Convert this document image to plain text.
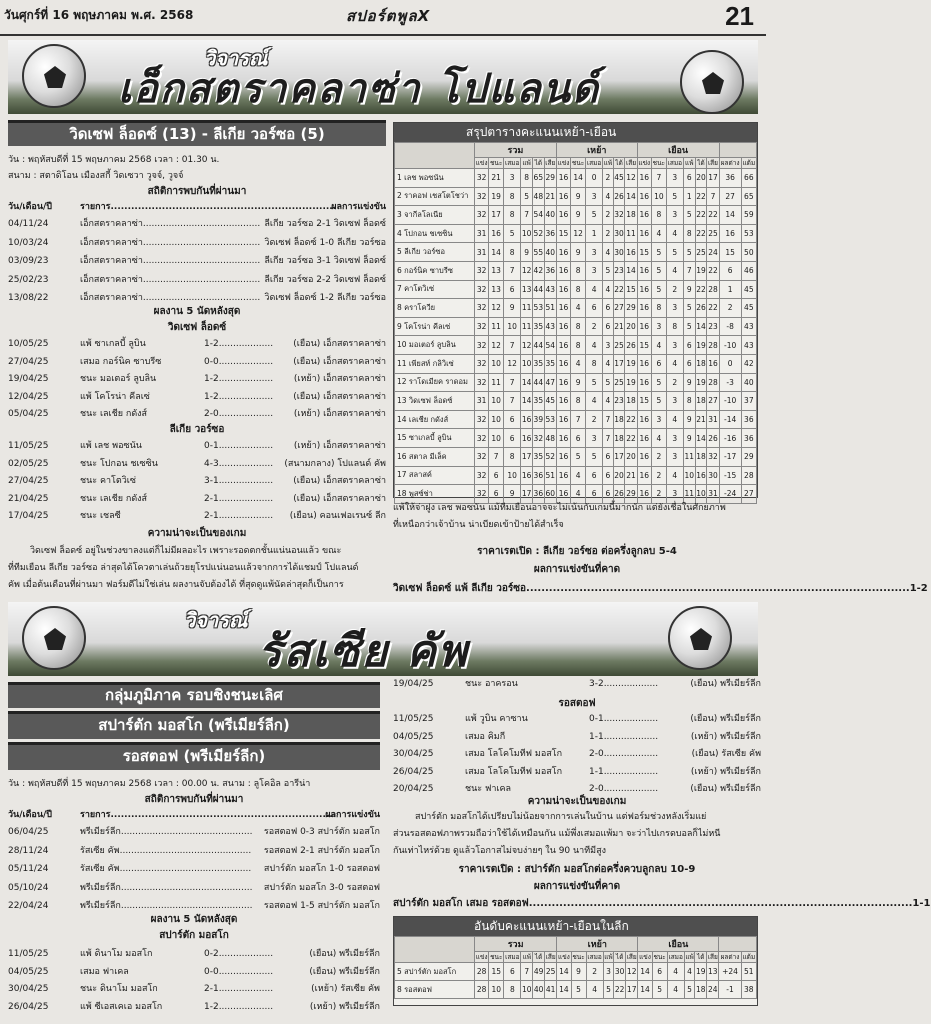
วันศุกร์ที่ 16 พฤษภาคม พ.ศ. 2568	สปอร์ตพูลX	21
วิจารณ์
เอ็กสตราคลาซ่า โปแลนด์
วิดเซฟ ล็อดซ์ (13) - ลีเกีย วอร์ซอ (5)
วัน : พฤหัสบดีที่ 15 พฤษภาคม 2568 เวลา : 01.30 น.
สนาม : สตาดิโอน เมืองสกี้ วิดเซวา วูจจ์, วูจจ์
สถิติการพบกันที่ผ่านมา
วัน/เดือน/ปี	รายการ..................................................................
ผลการแข่งขัน
04/11/24	เอ็กสตราคลาซ่า......................................... ลีเกีย วอร์ซอ 2-1 วิดเซฟ ล็อดซ์
10/03/24	เอ็กสตราคลาซ่า......................................... วิดเซฟ ล็อดซ์ 1-0 ลีเกีย วอร์ซอ
03/09/23	เอ็กสตราคลาซ่า......................................... ลีเกีย วอร์ซอ 3-1 วิดเซฟ ล็อดซ์
25/02/23	เอ็กสตราคลาซ่า......................................... ลีเกีย วอร์ซอ 2-2 วิดเซฟ ล็อดซ์
13/08/22	เอ็กสตราคลาซ่า......................................... วิดเซฟ ล็อดซ์ 1-2 ลีเกีย วอร์ซอ
ผลงาน 5 นัดหลังสุด
วิดเซฟ ล็อดซ์
10/05/25	แพ้ ซาเกลบี้ ลูบิน	1-2................... (เยือน) เอ็กสตราคลาซ่า
27/04/25	เสมอ กอร์นิค ซาบรีซ	0-0................... (เยือน) เอ็กสตราคลาซ่า
19/04/25	ชนะ มอเตอร์ ลูบลิน	1-2................... (เหย้า) เอ็กสตราคลาซ่า
12/04/25	แพ้ โคโรน่า คีลเซ่	1-2................... (เยือน) เอ็กสตราคลาซ่า
05/04/25	ชนะ เลเชีย กดังส์	2-0................... (เหย้า) เอ็กสตราคลาซ่า
ลีเกีย วอร์ซอ
11/05/25	แพ้ เลช พอซนัน	0-1................... (เหย้า) เอ็กสตราคลาซ่า
02/05/25	ชนะ โปกอน ชเซซิน	4-3................... (สนามกลาง) โปแลนด์ คัพ
27/04/25	ชนะ คาโตวิเซ่	3-1................... (เยือน) เอ็กสตราคลาซ่า
21/04/25	ชนะ เลเชีย กดังส์	2-1................... (เยือน) เอ็กสตราคลาซ่า
17/04/25	ชนะ เชลซี	2-1................... (เยือน) คอนเฟอเรนซ์ ลีก
ความน่าจะเป็นของเกม
วิดเซฟ ล็อดซ์ อยู่ในช่วงขาลงแต่ก็ไม่มีผลอะไร เพราะรอดตกชั้นแน่นอนแล้ว ขณะ
ที่ทีมเยือน ลีเกีย วอร์ซอ ล่าสุดได้โควตาเล่นถ้วยยุโรปแน่นอนแล้วจากการได้แชมป์ โปแลนด์
คัพ เมื่อต้นเดือนที่ผ่านมา ฟอร์มดีไม่ใช่เล่น ผลงานจับต้องได้ ที่สุดดูแพ้นัดล่าสุดก็เป็นการ
สรุปตารางคะแนนเหย้า-เยือน
	รวม						เหย้า						เยือน							
	แข่ง	ชนะ	เสมอ	แพ้	ได้	เสีย	แข่ง	ชนะ	เสมอ	แพ้	ได้	เสีย	แข่ง	ชนะ	เสมอ	แพ้	ได้	เสีย	ผลต่าง	แต้ม
1 เลช พอซนัน	32	21	3	8	65	29	16	14	0	2	45	12	16	7	3	6	20	17	36	66
2 ราคอฟ เชสโตโชว่า	32	19	8	5	48	21	16	9	3	4	26	14	16	10	5	1	22	7	27	65
3 จากีลโลเนีย	32	17	8	7	54	40	16	9	5	2	32	18	16	8	3	5	22	22	14	59
4 โปกอน ชเซซิน	31	16	5	10	52	36	15	12	1	2	30	11	16	4	4	8	22	25	16	53
5 ลีเกีย วอร์ซอ	31	14	8	9	55	40	16	9	3	4	30	16	15	5	5	5	25	24	15	50
6 กอร์นิค ซาบรีซ	32	13	7	12	42	36	16	8	3	5	23	14	16	5	4	7	19	22	6	46
7 คาโตวิเซ่	32	13	6	13	44	43	16	8	4	4	22	15	16	5	2	9	22	28	1	45
8 คราโควีย	32	12	9	11	53	51	16	4	6	6	27	29	16	8	3	5	26	22	2	45
9 โคโรน่า คีลเซ่	32	11	10	11	35	43	16	8	2	6	21	20	16	3	8	5	14	23	-8	43
10 มอเตอร์ ลูบลิน	32	12	7	12	44	54	16	8	4	3	25	26	15	4	3	6	19	28	-10	43
11 เพียสท์ กลิวิเซ่	32	10	12	10	35	35	16	4	8	4	17	19	16	6	4	6	18	16	0	42
12 ราโดเมียค ราดอม	32	11	7	14	44	47	16	9	5	5	25	19	16	5	2	9	19	28	-3	40
13 วิดเซฟ ล็อดซ์	31	10	7	14	35	45	16	8	4	4	23	18	15	5	3	8	18	27	-10	37
14 เลเชีย กดังส์	32	10	6	16	39	53	16	7	2	7	18	22	16	3	4	9	21	31	-14	36
15 ซาเกลบี้ ลูบิน	32	10	6	16	32	48	16	6	3	7	18	22	16	4	3	9	14	26	-16	36
16 สตาล มีเล็ค	32	7	8	17	35	52	16	5	5	6	17	20	16	2	3	11	18	32	-17	29
17 สลาสค์	32	6	10	16	36	51	16	4	6	6	20	21	16	2	4	10	16	30	-15	28
18 พูสซ์ช่า	32	6	9	17	36	60	16	4	6	6	26	29	16	2	3	11	10	31	-24	27
แพ้ให้จ่าฝูง เลช พอซนัน แม้ทีมเยือนอาจจะไม่เน้นกับเกมนี้มากนัก แต่ยังเชื่อในศักยภาพ
ที่เหนือกว่าเจ้าบ้าน น่าเบียดเข้าป้ายได้สำเร็จ
ราคาเรตเปิด : ลีเกีย วอร์ซอ ต่อครึ่งลูกลบ 5-4
ผลการแข่งขันที่คาด
วิดเซฟ ล็อดซ์ แพ้ ลีเกีย วอร์ซอ.....................................................................................................1-2
วิจารณ์
รัสเซีย คัพ
กลุ่มภูมิภาค รอบชิงชนะเลิศ
สปาร์ตัก มอสโก (พรีเมียร์ลีก)
รอสตอฟ (พรีเมียร์ลีก)
วัน : พฤหัสบดีที่ 15 พฤษภาคม 2568 เวลา : 00.00 น. สนาม : ลูโคอิล อารีน่า
สถิติการพบกันที่ผ่านมา
วัน/เดือน/ปี	รายการ..................................................................
ผลการแข่งขัน
06/04/25	พรีเมียร์ลีก.............................................. รอสตอฟ 0-3 สปาร์ตัก มอสโก
28/11/24	รัสเซีย คัพ.............................................. รอสตอฟ 2-1 สปาร์ตัก มอสโก
05/11/24	รัสเซีย คัพ.............................................. สปาร์ตัก มอสโก 1-0 รอสตอฟ
05/10/24	พรีเมียร์ลีก.............................................. สปาร์ตัก มอสโก 3-0 รอสตอฟ
22/04/24	พรีเมียร์ลีก.............................................. รอสตอฟ 1-5 สปาร์ตัก มอสโก
ผลงาน 5 นัดหลังสุด
สปาร์ตัก มอสโก
11/05/25	แพ้ ดินาโม มอสโก	0-2...................	(เยือน) พรีเมียร์ลีก
04/05/25	เสมอ ฟาเคล	0-0...................	(เยือน) พรีเมียร์ลีก
30/04/25	ชนะ ดินาโม มอสโก	2-1...................	(เหย้า) รัสเซีย คัพ
26/04/25	แพ้ ซีเอสเคเอ มอสโก	1-2...................	(เหย้า) พรีเมียร์ลีก
19/04/25	ชนะ อาครอน	3-2...................	(เยือน) พรีเมียร์ลีก
รอสตอฟ
11/05/25	แพ้ วูบิน คาซาน	0-1...................	(เยือน) พรีเมียร์ลีก
04/05/25	เสมอ คิมกี	1-1...................	(เหย้า) พรีเมียร์ลีก
30/04/25	เสมอ โลโคโมทีฟ มอสโก	2-0...................	(เยือน) รัสเซีย คัพ
26/04/25	เสมอ โลโคโมทีฟ มอสโก	1-1...................	(เหย้า) พรีเมียร์ลีก
20/04/25	ชนะ ฟาเคล	2-0...................	(เยือน) พรีเมียร์ลีก
ความน่าจะเป็นของเกม
สปาร์ตัก มอสโกได้เปรียบไม่น้อยจากการเล่นในบ้าน แต่ฟอร์มช่วงหลังเริ่มแย่
ส่วนรอสตอฟภาพรวมถือว่าใช้ได้เหมือนกัน แม้พึ่งเสมอแพ้มา จะว่าไปเกรดบอลก็ไม่หนี
กันเท่าไหร่ด้วย ดูแล้วโอกาสไม่จบง่ายๆ ใน 90 นาทีมีสูง
ราคาเรตเปิด : สปาร์ตัก มอสโกต่อครึ่งควบลูกลบ 10-9
ผลการแข่งขันที่คาด
สปาร์ตัก มอสโก เสมอ รอสตอฟ.....................................................................................................1-1
อันดับคะแนนเหย้า-เยือนในลีก
	รวม						เหย้า						เยือน							
	แข่ง	ชนะ	เสมอ	แพ้	ได้	เสีย	แข่ง	ชนะ	เสมอ	แพ้	ได้	เสีย	แข่ง	ชนะ	เสมอ	แพ้	ได้	เสีย	ผลต่าง	แต้ม
5 สปาร์ตัก มอสโก	28	15	6	7	49	25	14	9	2	3	30	12	14	6	4	4	19	13	+24	51
8 รอสตอฟ	28	10	8	10	40	41	14	5	4	5	22	17	14	5	4	5	18	24	-1	38
